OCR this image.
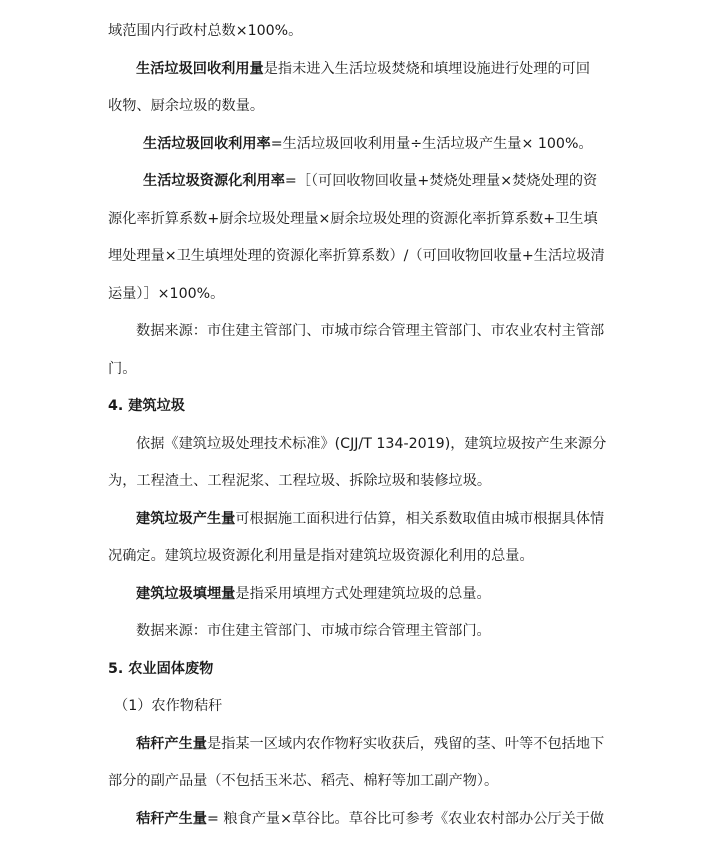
域范围内行政村总数×100%。
生活垃圾回收利用量是指未进入生活垃圾焚烧和填埋设施进行处理的可回
收物、厨余垃圾的数量。
生活垃圾回收利用率=生活垃圾回收利用量÷生活垃圾产生量× 100%。
生活垃圾资源化利用率=［（可回收物回收量+焚烧处理量×焚烧处理的资
源化率折算系数+厨余垃圾处理量×厨余垃圾处理的资源化率折算系数+卫生填
埋处理量×卫生填埋处理的资源化率折算系数）/（可回收物回收量+生活垃圾清
运量）］×100%。
数据来源：市住建主管部门、市城市综合管理主管部门、市农业农村主管部
门。
4. 建筑垃圾
依据《建筑垃圾处理技术标准》(CJJ/T 134-2019)，建筑垃圾按产生来源分
为，工程渣土、工程泥浆、工程垃圾、拆除垃圾和装修垃圾。
建筑垃圾产生量可根据施工面积进行估算，相关系数取值由城市根据具体情
况确定。建筑垃圾资源化利用量是指对建筑垃圾资源化利用的总量。
建筑垃圾填埋量是指采用填埋方式处理建筑垃圾的总量。
数据来源：市住建主管部门、市城市综合管理主管部门。
5. 农业固体废物
（1）农作物秸秆
秸秆产生量是指某一区域内农作物籽实收获后，残留的茎、叶等不包括地下
部分的副产品量（不包括玉米芯、稻壳、棉籽等加工副产物）。
秸秆产生量= 粮食产量×草谷比。草谷比可参考《农业农村部办公厅关于做
